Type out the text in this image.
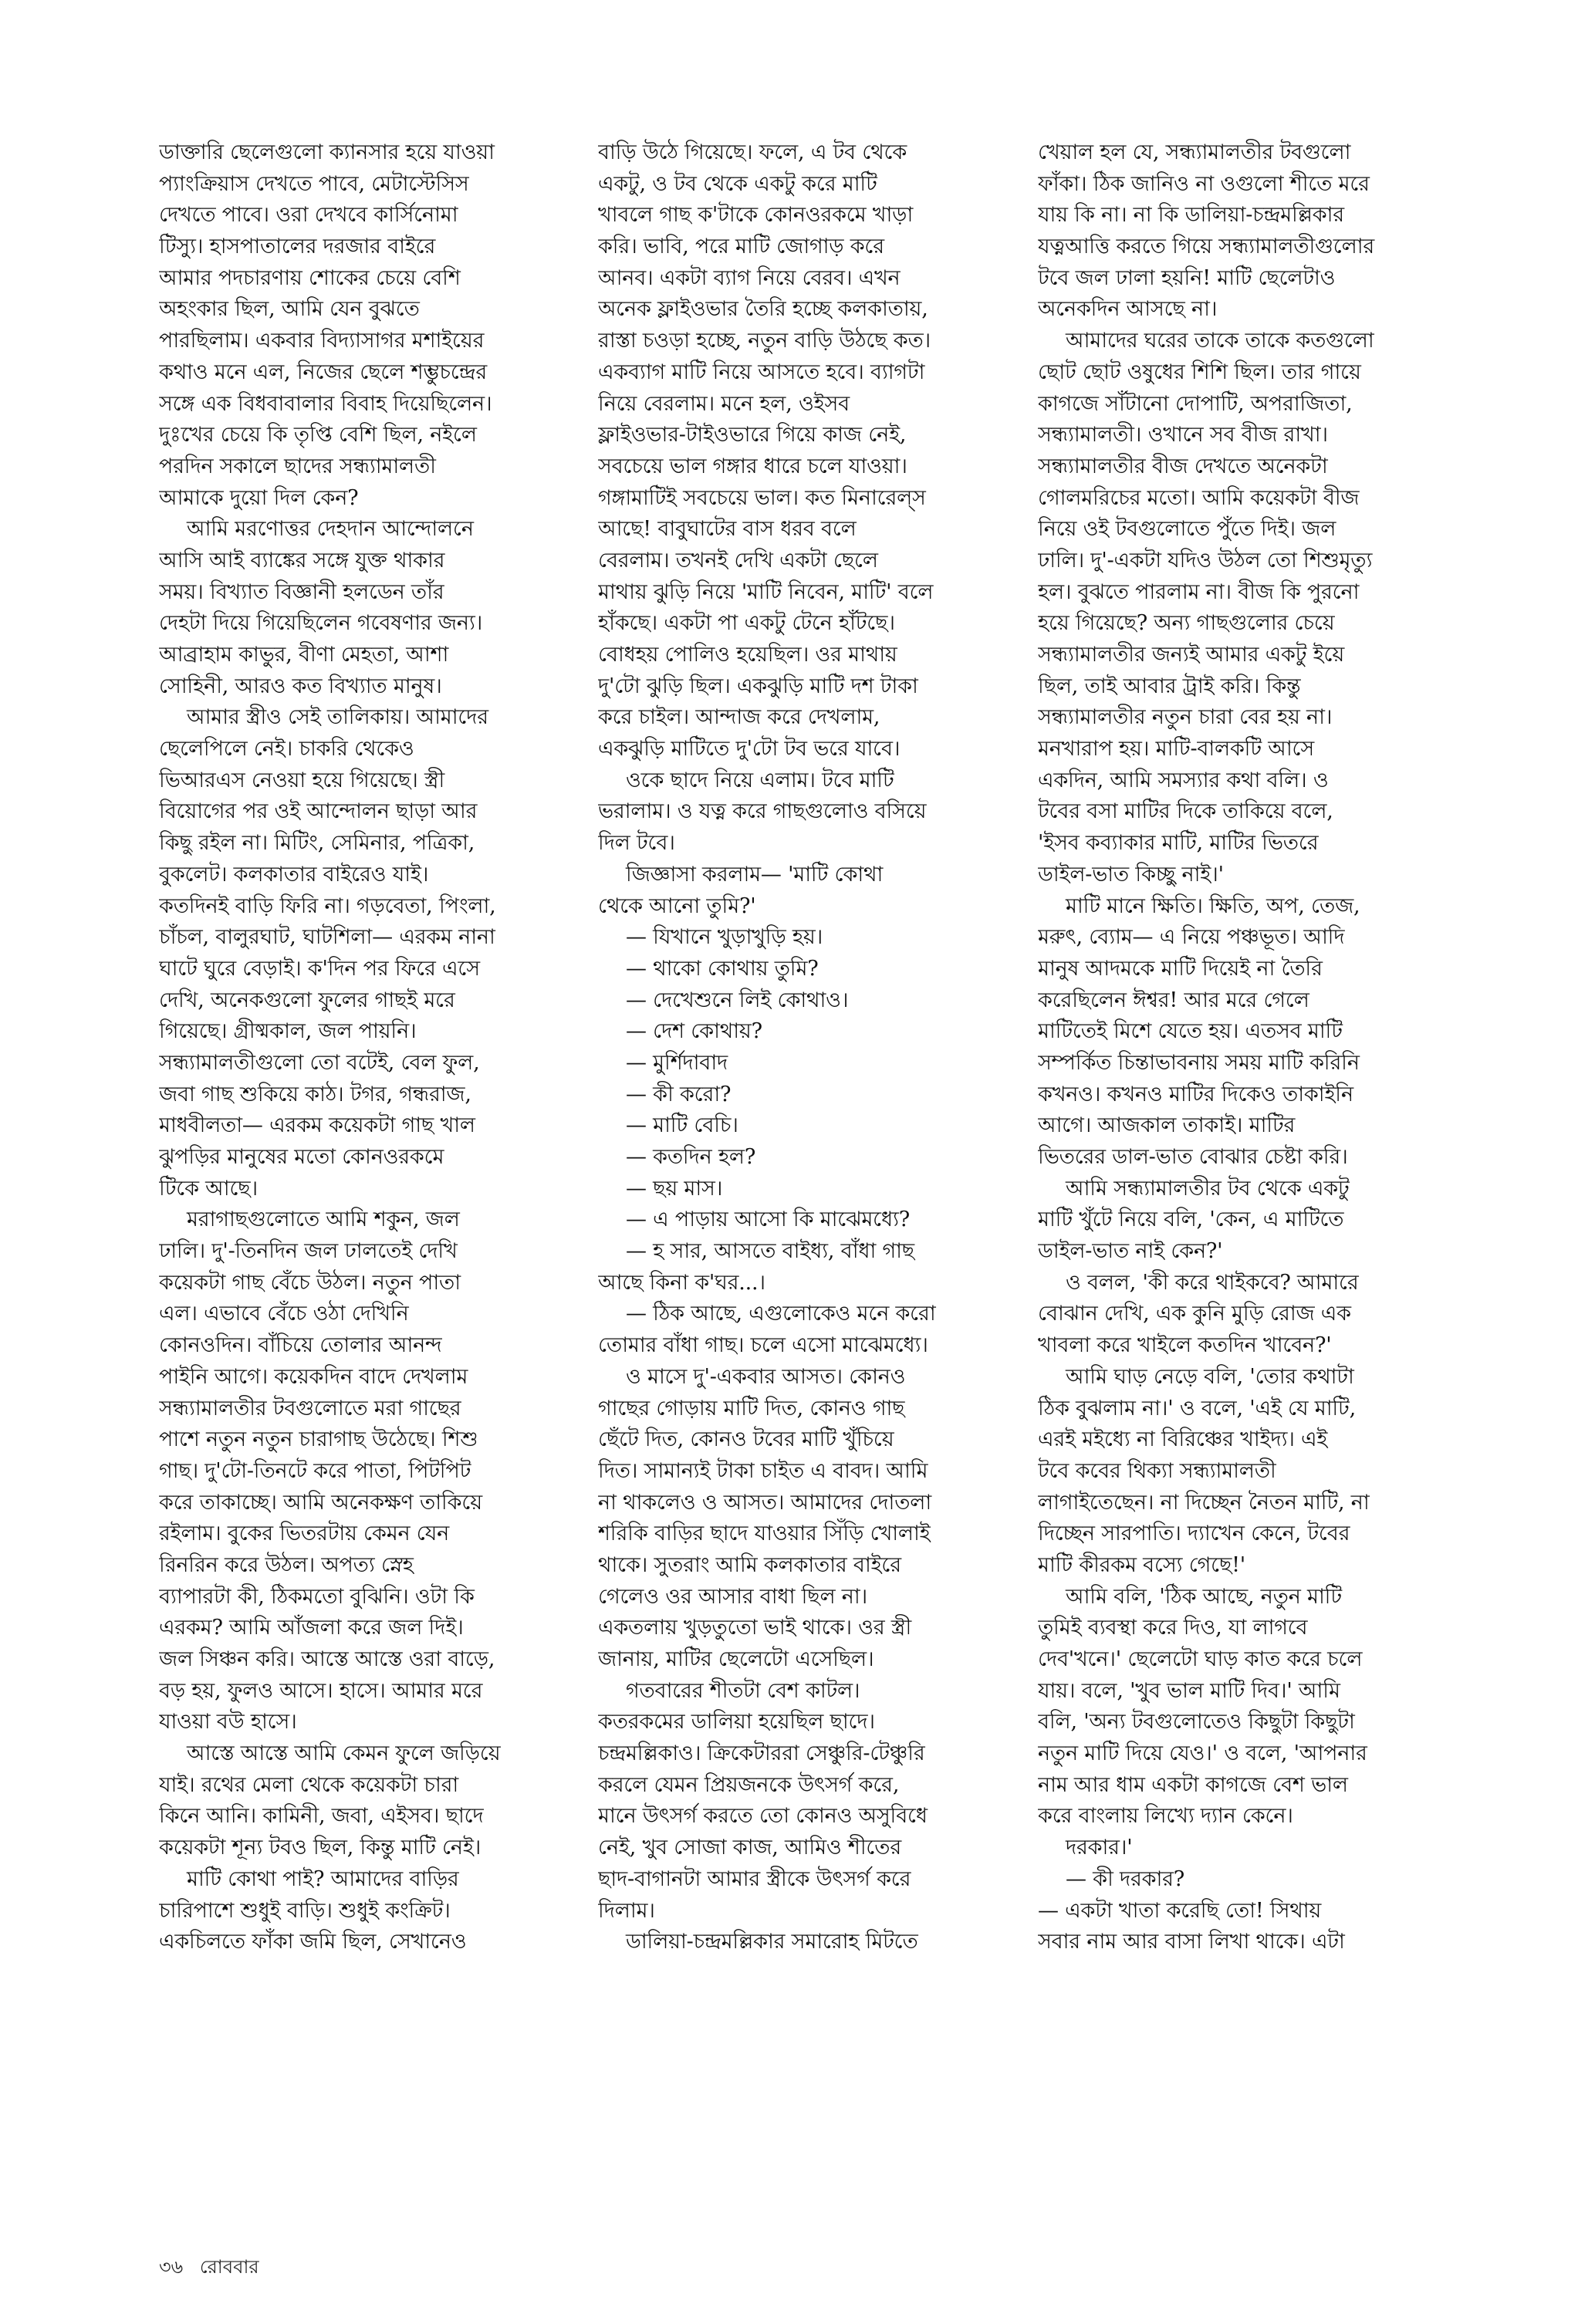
ডাক্তারি ছেলেগুলো ক্যানসার হয়ে যাওয়া
প্যাংক্রিয়াস দেখতে পাবে, মেটাস্টেসিস
দেখতে পাবে। ওরা দেখবে কার্সিনোমা
টিস্যু। হাসপাতালের দরজার বাইরে
আমার পদচারণায় শোকের চেয়ে বেশি
অহংকার ছিল, আমি যেন বুঝতে
পারছিলাম। একবার বিদ্যাসাগর মশাইয়ের
কথাও মনে এল, নিজের ছেলে শম্ভুচন্দ্রের
সঙ্গে এক বিধবাবালার বিবাহ দিয়েছিলেন।
দুঃখের চেয়ে কি তৃপ্তি বেশি ছিল, নইলে
পরদিন সকালে ছাদের সন্ধ্যামালতী
আমাকে দুয়ো দিল কেন?
আমি মরণোত্তর দেহদান আন্দোলনে
আসি আই ব্যাঙ্কের সঙ্গে যুক্ত থাকার
সময়। বিখ্যাত বিজ্ঞানী হলডেন তাঁর
দেহটা দিয়ে গিয়েছিলেন গবেষণার জন্য।
আব্রাহাম কাভুর, বীণা মেহতা, আশা
সোহিনী, আরও কত বিখ্যাত মানুষ।
আমার স্ত্রীও সেই তালিকায়। আমাদের
ছেলেপিলে নেই। চাকরি থেকেও
ভিআরএস নেওয়া হয়ে গিয়েছে। স্ত্রী
বিয়োগের পর ওই আন্দোলন ছাড়া আর
কিছু রইল না। মিটিং, সেমিনার, পত্রিকা,
বুকলেট। কলকাতার বাইরেও যাই।
কতদিনই বাড়ি ফিরি না। গড়বেতা, পিংলা,
চাঁচল, বালুরঘাট, ঘাটশিলা— এরকম নানা
ঘাটে ঘুরে বেড়াই। ক'দিন পর ফিরে এসে
দেখি, অনেকগুলো ফুলের গাছই মরে
গিয়েছে। গ্রীষ্মকাল, জল পায়নি।
সন্ধ্যামালতীগুলো তো বটেই, বেল ফুল,
জবা গাছ শুকিয়ে কাঠ। টগর, গন্ধরাজ,
মাধবীলতা— এরকম কয়েকটা গাছ খাল
ঝুপড়ির মানুষের মতো কোনওরকমে
টিকে আছে।
মরাগাছগুলোতে আমি শকুন, জল
ঢালি। দু'-তিনদিন জল ঢালতেই দেখি
কয়েকটা গাছ বেঁচে উঠল। নতুন পাতা
এল। এভাবে বেঁচে ওঠা দেখিনি
কোনওদিন। বাঁচিয়ে তোলার আনন্দ
পাইনি আগে। কয়েকদিন বাদে দেখলাম
সন্ধ্যামালতীর টবগুলোতে মরা গাছের
পাশে নতুন নতুন চারাগাছ উঠেছে। শিশু
গাছ। দু'টো-তিনটে করে পাতা, পিটপিট
করে তাকাচ্ছে। আমি অনেকক্ষণ তাকিয়ে
রইলাম। বুকের ভিতরটায় কেমন যেন
রিনরিন করে উঠল। অপত্য স্নেহ
ব্যাপারটা কী, ঠিকমতো বুঝিনি। ওটা কি
এরকম? আমি আঁজলা করে জল দিই।
জল সিঞ্চন করি। আস্তে আস্তে ওরা বাড়ে,
বড় হয়, ফুলও আসে। হাসে। আমার মরে
যাওয়া বউ হাসে।
আস্তে আস্তে আমি কেমন ফুলে জড়িয়ে
যাই। রথের মেলা থেকে কয়েকটা চারা
কিনে আনি। কামিনী, জবা, এইসব। ছাদে
কয়েকটা শূন্য টবও ছিল, কিন্তু মাটি নেই।
মাটি কোথা পাই? আমাদের বাড়ির
চারিপাশে শুধুই বাড়ি। শুধুই কংক্রিট।
একচিলতে ফাঁকা জমি ছিল, সেখানেও
বাড়ি উঠে গিয়েছে। ফলে, এ টব থেকে
একটু, ও টব থেকে একটু করে মাটি
খাবলে গাছ ক'টাকে কোনওরকমে খাড়া
করি। ভাবি, পরে মাটি জোগাড় করে
আনব। একটা ব্যাগ নিয়ে বেরব। এখন
অনেক ফ্লাইওভার তৈরি হচ্ছে কলকাতায়,
রাস্তা চওড়া হচ্ছে, নতুন বাড়ি উঠছে কত।
একব্যাগ মাটি নিয়ে আসতে হবে। ব্যাগটা
নিয়ে বেরলাম। মনে হল, ওইসব
ফ্লাইওভার-টাইওভারে গিয়ে কাজ নেই,
সবচেয়ে ভাল গঙ্গার ধারে চলে যাওয়া।
গঙ্গামাটিই সবচেয়ে ভাল। কত মিনারেল্‌স
আছে! বাবুঘাটের বাস ধরব বলে
বেরলাম। তখনই দেখি একটা ছেলে
মাথায় ঝুড়ি নিয়ে 'মাটি নিবেন, মাটি' বলে
হাঁকছে। একটা পা একটু টেনে হাঁটছে।
বোধহয় পোলিও হয়েছিল। ওর মাথায়
দু'টো ঝুড়ি ছিল। একঝুড়ি মাটি দশ টাকা
করে চাইল। আন্দাজ করে দেখলাম,
একঝুড়ি মাটিতে দু'টো টব ভরে যাবে।
ওকে ছাদে নিয়ে এলাম। টবে মাটি
ভরালাম। ও যত্ন করে গাছগুলোও বসিয়ে
দিল টবে।
জিজ্ঞাসা করলাম— 'মাটি কোথা
থেকে আনো তুমি?'
— যিখানে খুড়াখুড়ি হয়।
— থাকো কোথায় তুমি?
— দেখেশুনে লিই কোথাও।
— দেশ কোথায়?
— মুর্শিদাবাদ
— কী করো?
— মাটি বেচি।
— কতদিন হল?
— ছয় মাস।
— এ পাড়ায় আসো কি মাঝেমধ্যে?
— হ সার, আসতে বাইধ্য, বাঁধা গাছ
আছে কিনা ক'ঘর...।
— ঠিক আছে, এগুলোকেও মনে করো
তোমার বাঁধা গাছ। চলে এসো মাঝেমধ্যে।
ও মাসে দু'-একবার আসত। কোনও
গাছের গোড়ায় মাটি দিত, কোনও গাছ
ছেঁটে দিত, কোনও টবের মাটি খুঁচিয়ে
দিত। সামান্যই টাকা চাইত এ বাবদ। আমি
না থাকলেও ও আসত। আমাদের দোতলা
শরিকি বাড়ির ছাদে যাওয়ার সিঁড়ি খোলাই
থাকে। সুতরাং আমি কলকাতার বাইরে
গেলেও ওর আসার বাধা ছিল না।
একতলায় খুড়তুতো ভাই থাকে। ওর স্ত্রী
জানায়, মাটির ছেলেটো এসেছিল।
গতবারের শীতটা বেশ কাটল।
কতরকমের ডালিয়া হয়েছিল ছাদে।
চন্দ্রমল্লিকাও। ক্রিকেটাররা সেঞ্চুরি-টেঞ্চুরি
করলে যেমন প্রিয়জনকে উৎসর্গ করে,
মানে উৎসর্গ করতে তো কোনও অসুবিধে
নেই, খুব সোজা কাজ, আমিও শীতের
ছাদ-বাগানটা আমার স্ত্রীকে উৎসর্গ করে
দিলাম।
ডালিয়া-চন্দ্রমল্লিকার সমারোহ মিটতে
খেয়াল হল যে, সন্ধ্যামালতীর টবগুলো
ফাঁকা। ঠিক জানিও না ওগুলো শীতে মরে
যায় কি না। না কি ডালিয়া-চন্দ্রমল্লিকার
যত্নআত্তি করতে গিয়ে সন্ধ্যামালতীগুলোর
টবে জল ঢালা হয়নি! মাটি ছেলেটাও
অনেকদিন আসছে না।
আমাদের ঘরের তাকে তাকে কতগুলো
ছোট ছোট ওষুধের শিশি ছিল। তার গায়ে
কাগজে সাঁটানো দোপাটি, অপরাজিতা,
সন্ধ্যামালতী। ওখানে সব বীজ রাখা।
সন্ধ্যামালতীর বীজ দেখতে অনেকটা
গোলমরিচের মতো। আমি কয়েকটা বীজ
নিয়ে ওই টবগুলোতে পুঁতে দিই। জল
ঢালি। দু'-একটা যদিও উঠল তো শিশুমৃত্যু
হল। বুঝতে পারলাম না। বীজ কি পুরনো
হয়ে গিয়েছে? অন্য গাছগুলোর চেয়ে
সন্ধ্যামালতীর জন্যই আমার একটু ইয়ে
ছিল, তাই আবার ট্রাই করি। কিন্তু
সন্ধ্যামালতীর নতুন চারা বের হয় না।
মনখারাপ হয়। মাটি-বালকটি আসে
একদিন, আমি সমস্যার কথা বলি। ও
টবের বসা মাটির দিকে তাকিয়ে বলে,
'ইসব কব্যাকার মাটি, মাটির ভিতরে
ডাইল-ভাত কিচ্ছু নাই।'
মাটি মানে ক্ষিতি। ক্ষিতি, অপ, তেজ,
মরুৎ, ব্যোম— এ নিয়ে পঞ্চভূত। আদি
মানুষ আদমকে মাটি দিয়েই না তৈরি
করেছিলেন ঈশ্বর! আর মরে গেলে
মাটিতেই মিশে যেতে হয়। এতসব মাটি
সম্পর্কিত চিন্তাভাবনায় সময় মাটি করিনি
কখনও। কখনও মাটির দিকেও তাকাইনি
আগে। আজকাল তাকাই। মাটির
ভিতরের ডাল-ভাত বোঝার চেষ্টা করি।
আমি সন্ধ্যামালতীর টব থেকে একটু
মাটি খুঁটে নিয়ে বলি, 'কেন, এ মাটিতে
ডাইল-ভাত নাই কেন?'
ও বলল, 'কী করে থাইকবে? আমারে
বোঝান দেখি, এক কুনি মুড়ি রোজ এক
খাবলা করে খাইলে কতদিন খাবেন?'
আমি ঘাড় নেড়ে বলি, 'তোর কথাটা
ঠিক বুঝলাম না।' ও বলে, 'এই যে মাটি,
এরই মইধ্যে না বিরিঞ্চের খাইদ্য। এই
টবে কবের থিক্যা সন্ধ্যামালতী
লাগাইতেছেন। না দিচ্ছেন নৈতন মাটি, না
দিচ্ছেন সারপাতি। দ্যাখেন কেনে, টবের
মাটি কীরকম বস্যে গেছে!'
আমি বলি, 'ঠিক আছে, নতুন মাটি
তুমিই ব্যবস্থা করে দিও, যা লাগবে
দেব'খনে।' ছেলেটো ঘাড় কাত করে চলে
যায়। বলে, 'খুব ভাল মাটি দিব।' আমি
বলি, 'অন্য টবগুলোতেও কিছুটা কিছুটা
নতুন মাটি দিয়ে যেও।' ও বলে, 'আপনার
নাম আর ধাম একটা কাগজে বেশ ভাল
করে বাংলায় লিখ্যে দ্যান কেনে।
দরকার।'
— কী দরকার?
— একটা খাতা করেছি তো! সিথায়
সবার নাম আর বাসা লিখা থাকে। এটা
৩৬ রোববার
